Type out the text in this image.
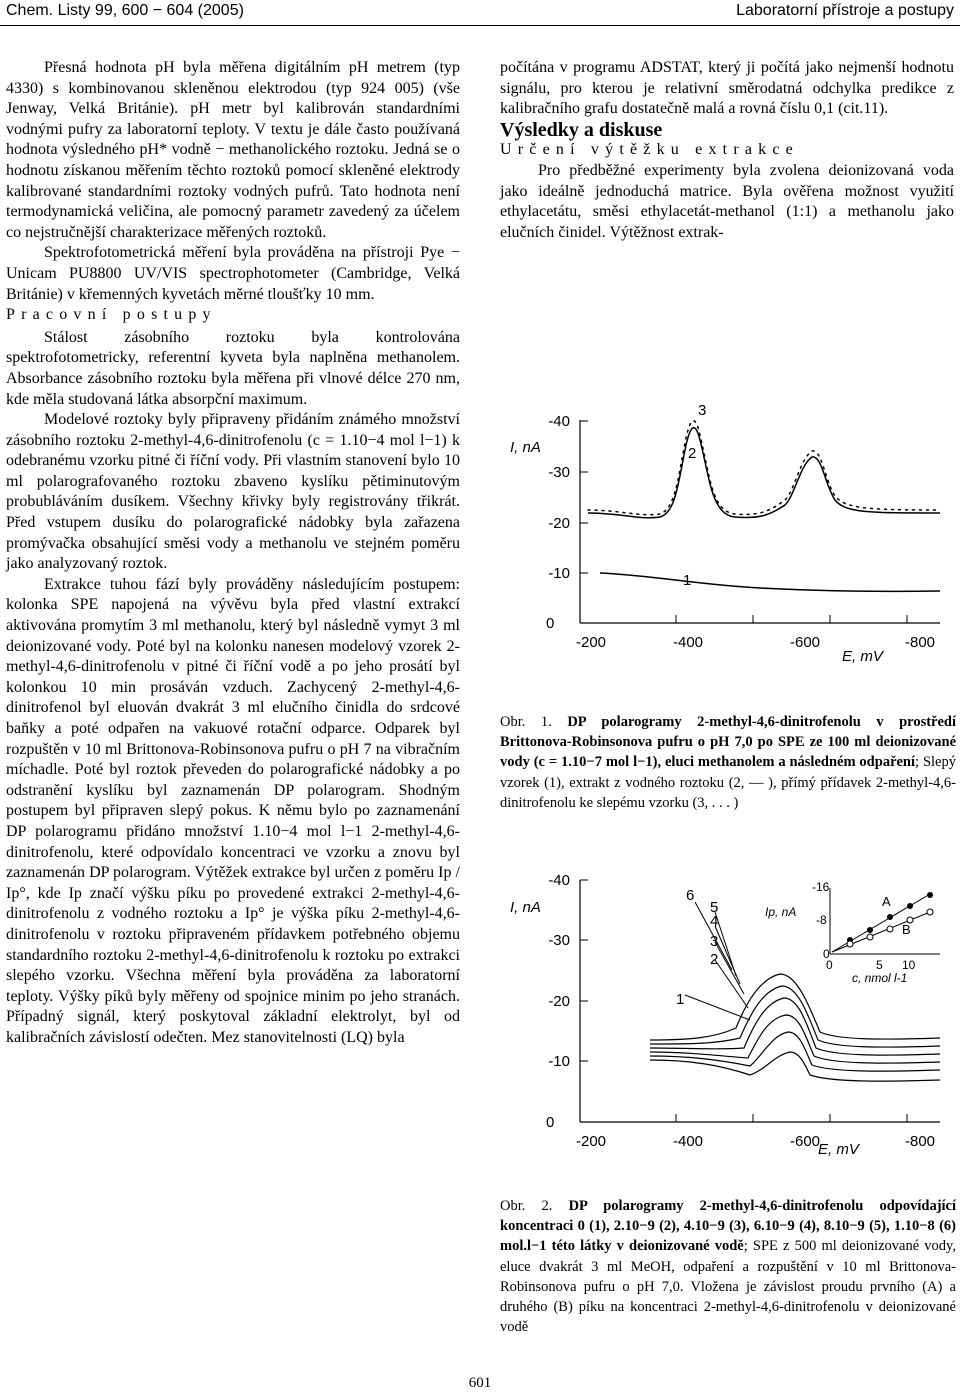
Chem. Listy 99, 600 − 604 (2005)	Laboratorní přístroje a postupy

Přesná hodnota pH byla měřena digitálním pH metrem (typ 4330) s kombinovanou skleněnou elektrodou (typ 924 005) (vše Jenway, Velká Británie). pH metr byl kalibrován standardními vodnými pufry za laboratorní teploty. V textu je dále často používaná hodnota výsledného pH* vodně − methanolického roztoku. Jedná se o hodnotu získanou měřením těchto roztoků pomocí skleněné elektrody kalibrované standardními roztoky vodných pufrů. Tato hodnota není termodynamická veličina, ale pomocný parametr zavedený za účelem co nejstručnější charakterizace měřených roztoků.

Spektrofotometrická měření byla prováděna na přístroji Pye − Unicam PU8800 UV/VIS spectrophotometer (Cambridge, Velká Británie) v křemenných kyvetách měrné tloušťky 10 mm.

Pracovní postupy

Stálost zásobního roztoku byla kontrolována spektrofotometricky, referentní kyveta byla naplněna methanolem. Absorbance zásobního roztoku byla měřena při vlnové délce 270 nm, kde měla studovaná látka absorpční maximum.

Modelové roztoky byly připraveny přidáním známého množství zásobního roztoku 2-methyl-4,6-dinitrofenolu (c = 1.10−4 mol l−1) k odebranému vzorku pitné či říční vody. Při vlastním stanovení bylo 10 ml polarografovaného roztoku zbaveno kyslíku pětiminutovým probubláváním dusíkem. Všechny křivky byly registrovány třikrát. Před vstupem dusíku do polarografické nádobky byla zařazena promývačka obsahující směsi vody a methanolu ve stejném poměru jako analyzovaný roztok.

Extrakce tuhou fází byly prováděny následujícím postupem: kolonka SPE napojená na vývěvu byla před vlastní extrakcí aktivována promytím 3 ml methanolu, který byl následně vymyt 3 ml deionizované vody. Poté byl na kolonku nanesen modelový vzorek 2-methyl-4,6-dinitrofenolu v pitné či říční vodě a po jeho prosátí byl kolonkou 10 min prosáván vzduch. Zachycený 2-methyl-4,6-dinitrofenol byl eluován dvakrát 3 ml elučního činidla do srdcové baňky a poté odpařen na vakuové rotační odparce. Odparek byl rozpuštěn v 10 ml Brittonova-Robinsonova pufru o pH 7 na vibračním míchadle. Poté byl roztok převeden do polarografické nádobky a po odstranění kyslíku byl zaznamenán DP polarogram. Shodným postupem byl připraven slepý pokus. K němu bylo po zaznamenání DP polarogramu přidáno množství 1.10−4 mol l−1 2-methyl-4,6-dinitrofenolu, které odpovídalo koncentraci ve vzorku a znovu byl zaznamenán DP polarogram. Výtěžek extrakce byl určen z poměru Ip / Ip°, kde Ip značí výšku píku po provedené extrakci 2-methyl-4,6-dinitrofenolu z vodného roztoku a Ip° je výška píku 2-methyl-4,6-dinitrofenolu v roztoku připraveném přídavkem potřebného objemu standardního roztoku 2-methyl-4,6-dinitrofenolu k roztoku po extrakci slepého vzorku. Všechna měření byla prováděna za laboratorní teploty. Výšky píků byly měřeny od spojnice minim po jeho stranách. Případný signál, který poskytoval základní elektrolyt, byl od kalibračních závislostí odečten. Mez stanovitelnosti (LQ) byla

počítána v programu ADSTAT, který ji počítá jako nejmenší hodnotu signálu, pro kterou je relativní směrodatná odchylka predikce z kalibračního grafu dostatečně malá a rovná číslu 0,1 (cit.11).

Výsledky a diskuse

Určení výtěžku extrakce

Pro předběžné experimenty byla zvolena deionizovaná voda jako ideálně jednoduchá matrice. Byla ověřena možnost využití ethylacetátu, směsi ethylacetát-methanol (1:1) a methanolu jako elučních činidel. Výtěžnost extrak-

-40
-30
-20
-10
0
I, nA
-200	-400	-600	-800
E, mV
3
2
1
Obr. 1. DP polarogramy 2-methyl-4,6-dinitrofenolu v prostředí Brittonova-Robinsonova pufru o pH 7,0 po SPE ze 100 ml deionizované vody (c = 1.10−7 mol l−1), eluci methanolem a následném odpaření; Slepý vzorek (1), extrakt z vodného roztoku (2, — ), přímý přídavek 2-methyl-4,6-dinitrofenolu ke slepému vzorku (3, . . . )
-40
-30
-20
-10
0
I, nA
-200	-400	-600	-800
E, mV
6
5
4
3
2
1
-16
-8
0
0	5 10
Ip, nA
c, nmol l-1
A
B
Obr. 2. DP polarogramy 2-methyl-4,6-dinitrofenolu odpovídající koncentraci 0 (1), 2.10−9 (2), 4.10−9 (3), 6.10−9 (4), 8.10−9 (5), 1.10−8 (6) mol.l−1 této látky v deionizované vodě; SPE z 500 ml deionizované vody, eluce dvakrát 3 ml MeOH, odpaření a rozpuštění v 10 ml Brittonova-Robinsonova pufru o pH 7,0. Vložena je závislost proudu prvního (A) a druhého (B) píku na koncentraci 2-methyl-4,6-dinitrofenolu v deionizované vodě
601
